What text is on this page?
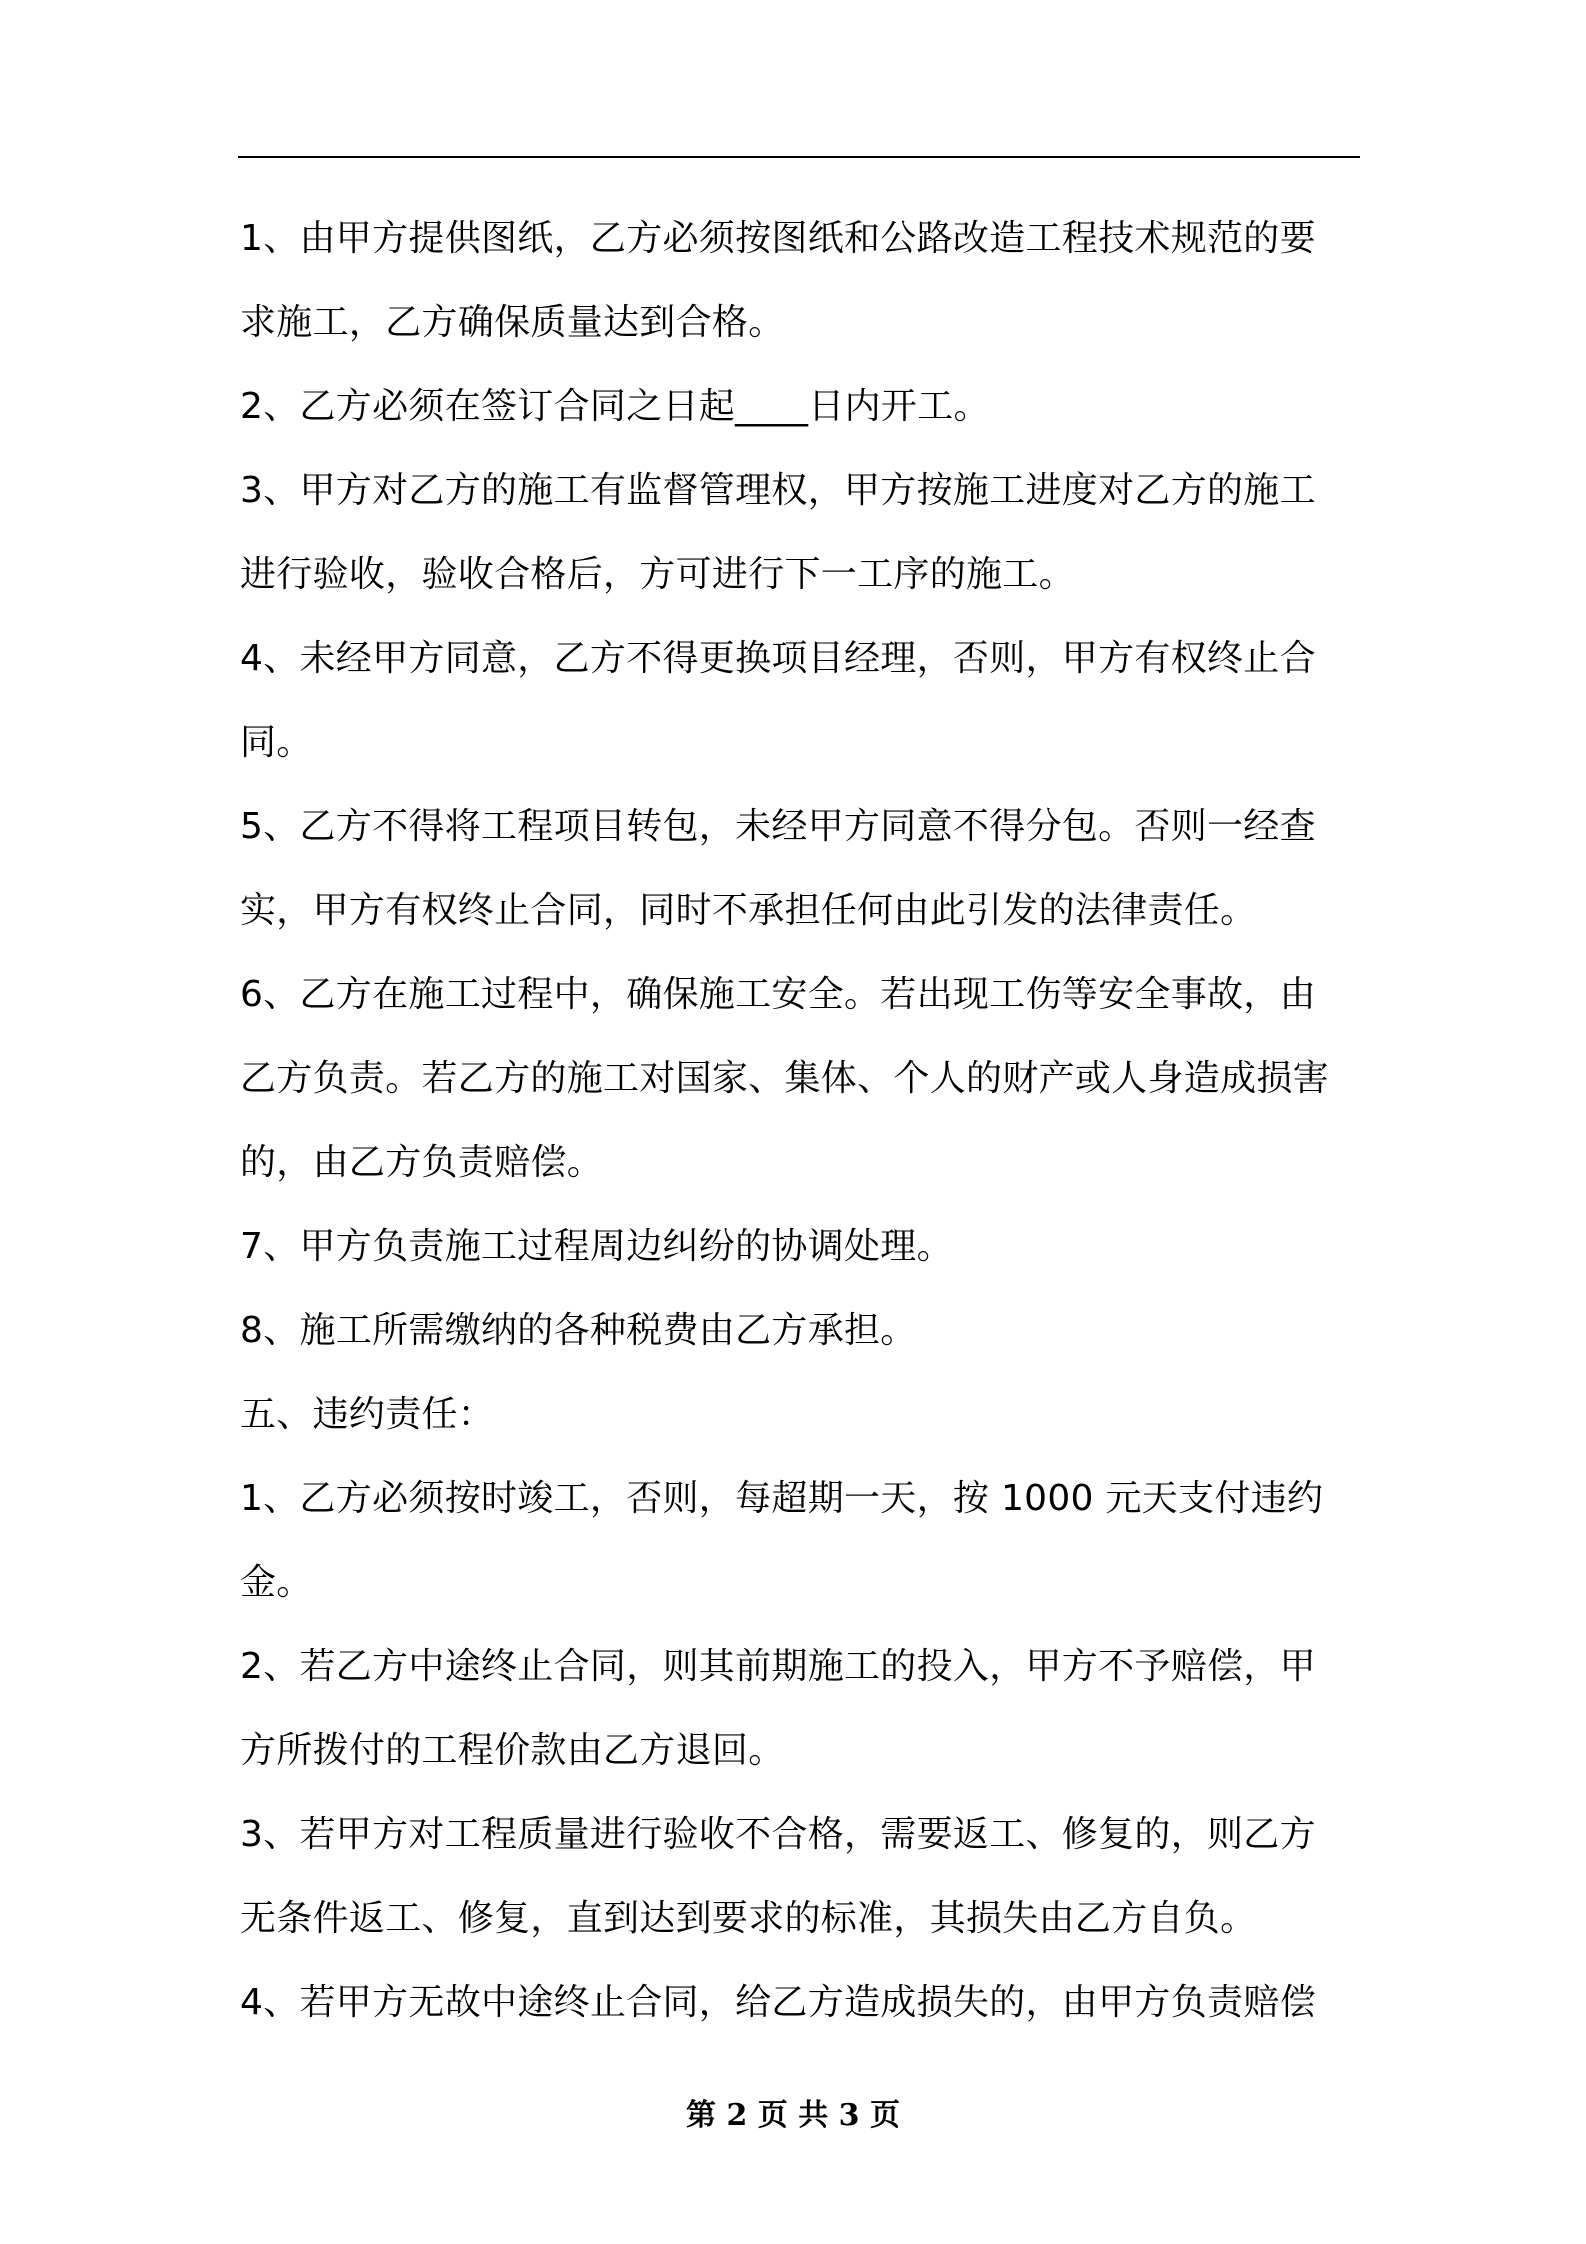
1、由甲方提供图纸，乙方必须按图纸和公路改造工程技术规范的要
求施工，乙方确保质量达到合格。
2、乙方必须在签订合同之日起____日内开工。
3、甲方对乙方的施工有监督管理权，甲方按施工进度对乙方的施工
进行验收，验收合格后，方可进行下一工序的施工。
4、未经甲方同意，乙方不得更换项目经理，否则，甲方有权终止合
同。
5、乙方不得将工程项目转包，未经甲方同意不得分包。否则一经查
实，甲方有权终止合同，同时不承担任何由此引发的法律责任。
6、乙方在施工过程中，确保施工安全。若出现工伤等安全事故，由
乙方负责。若乙方的施工对国家、集体、个人的财产或人身造成损害
的，由乙方负责赔偿。
7、甲方负责施工过程周边纠纷的协调处理。
8、施工所需缴纳的各种税费由乙方承担。
五、违约责任：
1、乙方必须按时竣工，否则，每超期一天，按 1000 元天支付违约
金。
2、若乙方中途终止合同，则其前期施工的投入，甲方不予赔偿，甲
方所拨付的工程价款由乙方退回。
3、若甲方对工程质量进行验收不合格，需要返工、修复的，则乙方
无条件返工、修复，直到达到要求的标准，其损失由乙方自负。
4、若甲方无故中途终止合同，给乙方造成损失的，由甲方负责赔偿
第 2 页 共 3 页
